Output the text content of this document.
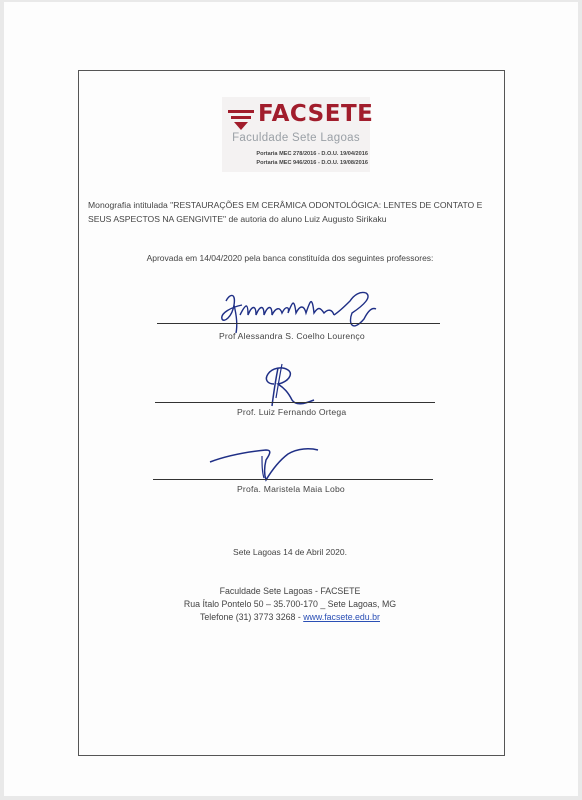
FACSETE
Faculdade Sete Lagoas
Portaria MEC 278/2016 - D.O.U. 19/04/2016
Portaria MEC 946/2016 - D.O.U. 19/08/2016
Monografia intitulada "RESTAURAÇÕES EM CERÂMICA ODONTOLÓGICA: LENTES DE CONTATO E SEUS ASPECTOS NA GENGIVITE" de autoria do aluno Luiz Augusto Sirikaku
Aprovada em 14/04/2020 pela banca constituída dos seguintes professores:
Prof Alessandra S. Coelho Lourenço
Prof. Luiz Fernando Ortega
Profa. Maristela Maia Lobo
Sete Lagoas 14 de Abril 2020.
Faculdade Sete Lagoas - FACSETE
Rua Ítalo Pontelo 50 – 35.700-170 _ Sete Lagoas, MG
Telefone (31) 3773 3268 - www.facsete.edu.br
